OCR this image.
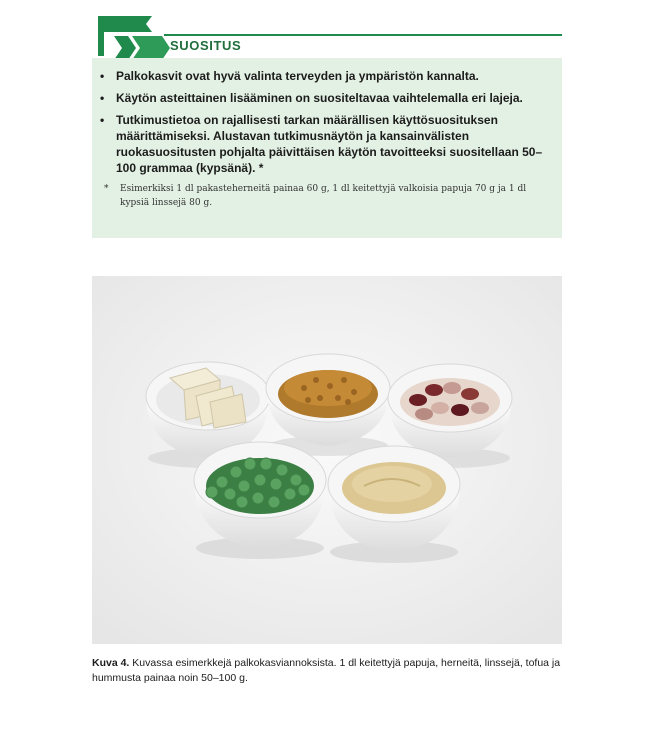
SUOSITUS
• Palkokasvit ovat hyvä valinta terveyden ja ympäristön kannalta.
• Käytön asteittainen lisääminen on suositeltavaa vaihtelemalla eri lajeja.
• Tutkimustietoa on rajallisesti tarkan määrällisen käyttösuosituksen määrittämiseksi. Alustavan tutkimusnäytön ja kansainvälisten ruokasuositusten pohjalta päivittäisen käytön tavoitteeksi suositellaan 50–100 grammaa (kypsänä). *
* Esimerkiksi 1 dl pakasteherneitä painaa 60 g, 1 dl keitettyjä valkoisia papuja 70 g ja 1 dl kypsiä linssejä 80 g.
Kuva 4. Kuvassa esimerkkejä palkokasviannoksista. 1 dl keitettyjä papuja, herneitä, linssejä, tofua ja hummusta painaa noin 50–100 g.
